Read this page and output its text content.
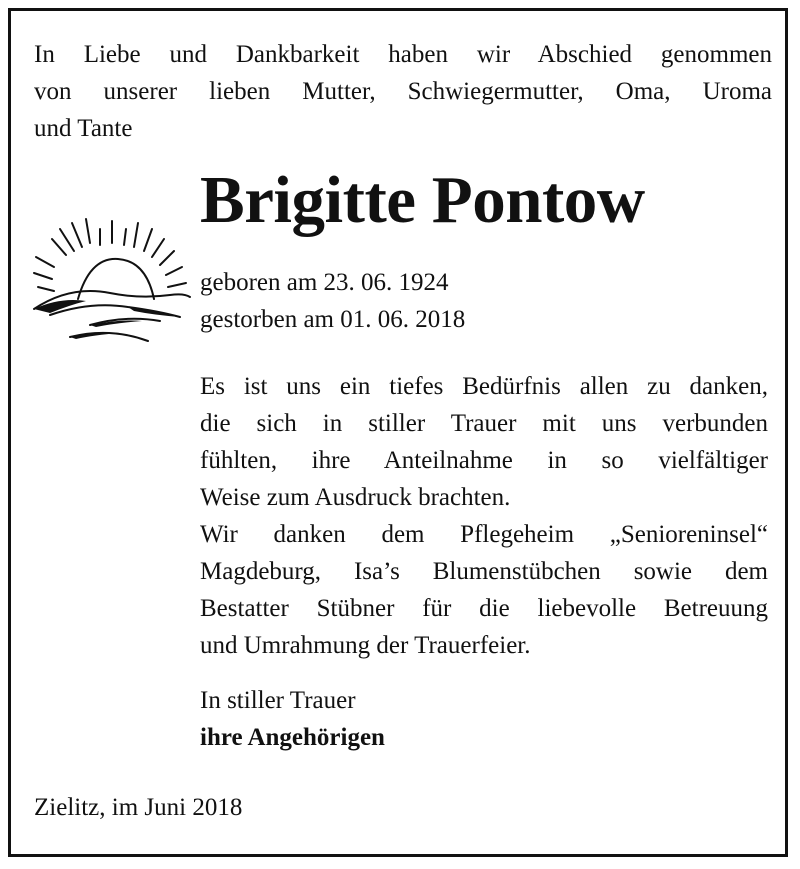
In Liebe und Dankbarkeit haben wir Abschied genommen
von unserer lieben Mutter, Schwiegermutter, Oma, Uroma
und Tante
Brigitte Pontow
geboren am 23. 06. 1924
gestorben am 01. 06. 2018
Es ist uns ein tiefes Bedürfnis allen zu danken,
die sich in stiller Trauer mit uns verbunden
fühlten, ihre Anteilnahme in so vielfältiger
Weise zum Ausdruck brachten.
Wir danken dem Pflegeheim „Senioreninsel“
Magdeburg, Isa’s Blumenstübchen sowie dem
Bestatter Stübner für die liebevolle Betreuung
und Umrahmung der Trauerfeier.
In stiller Trauer
ihre Angehörigen
Zielitz, im Juni 2018
